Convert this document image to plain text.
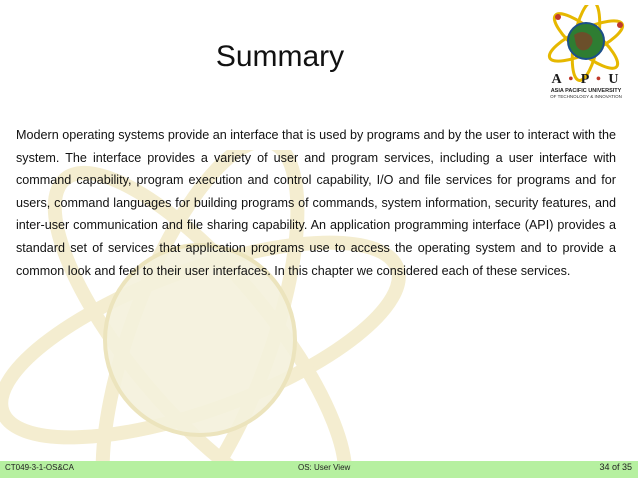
Summary
A • P • U
ASIA PACIFIC UNIVERSITY
OF TECHNOLOGY & INNOVATION
Modern operating systems provide an interface that is used by programs and by the user to interact with the system. The interface provides a variety of user and program services, including a user interface with command capability, program execution and control capability, I/O and file services for programs and for users, command languages for building programs of commands, system information, security features, and inter-user communication and file sharing capability. An application programming interface (API) provides a standard set of services that application programs use to access the operating system and to provide a common look and feel to their user interfaces. In this chapter we considered each of these services.
CT049-3-1-OS&CA	OS: User View	34 of 35
